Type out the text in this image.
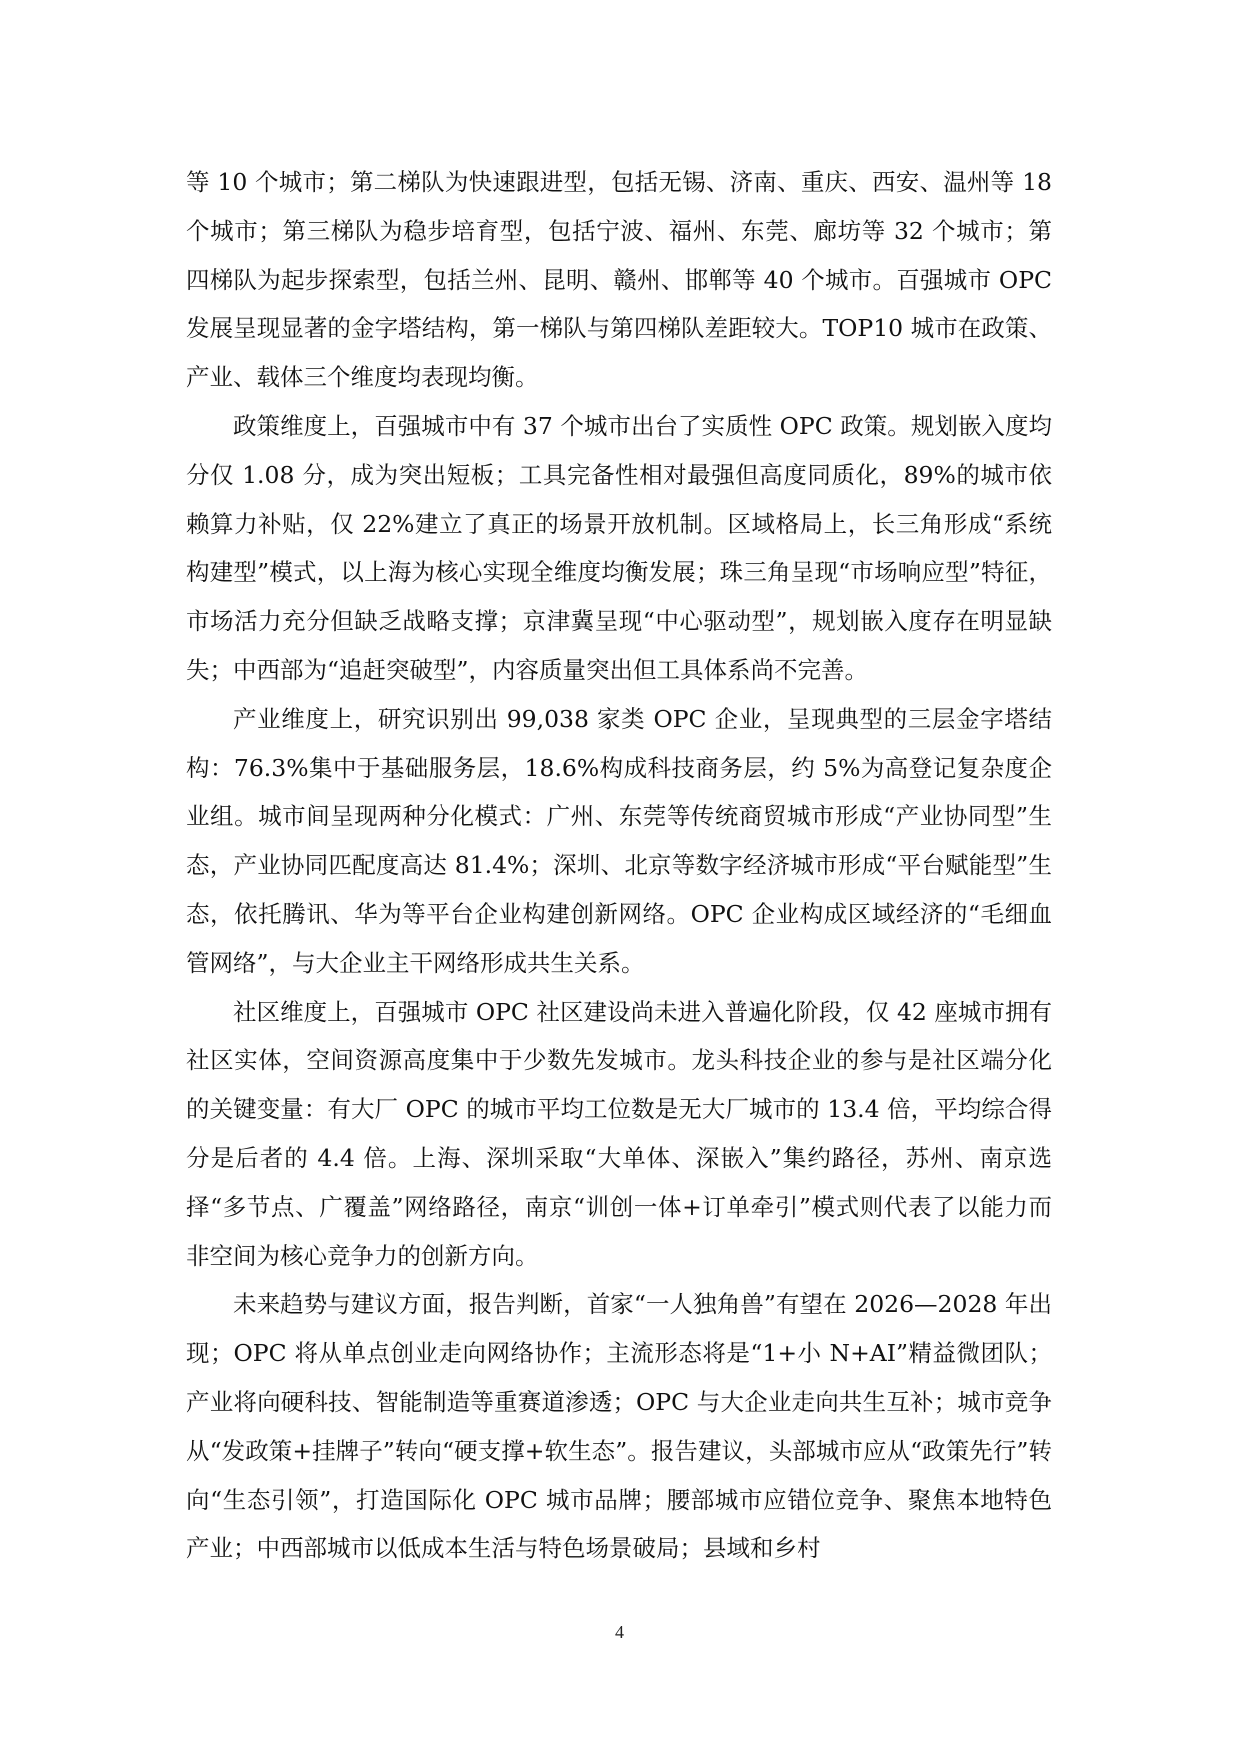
等 10 个城市；第二梯队为快速跟进型，包括无锡、济南、重庆、西安、温州等 18 个城市；第三梯队为稳步培育型，包括宁波、福州、东莞、廊坊等 32 个城市；第四梯队为起步探索型，包括兰州、昆明、赣州、邯郸等 40 个城市。百强城市 OPC 发展呈现显著的金字塔结构，第一梯队与第四梯队差距较大。TOP10 城市在政策、产业、载体三个维度均表现均衡。

政策维度上，百强城市中有 37 个城市出台了实质性 OPC 政策。规划嵌入度均分仅 1.08 分，成为突出短板；工具完备性相对最强但高度同质化，89%的城市依赖算力补贴，仅 22%建立了真正的场景开放机制。区域格局上，长三角形成“系统构建型”模式，以上海为核心实现全维度均衡发展；珠三角呈现“市场响应型”特征，市场活力充分但缺乏战略支撑；京津冀呈现“中心驱动型”，规划嵌入度存在明显缺失；中西部为“追赶突破型”，内容质量突出但工具体系尚不完善。

产业维度上，研究识别出 99,038 家类 OPC 企业，呈现典型的三层金字塔结构：76.3%集中于基础服务层，18.6%构成科技商务层，约 5%为高登记复杂度企业组。城市间呈现两种分化模式：广州、东莞等传统商贸城市形成“产业协同型”生态，产业协同匹配度高达 81.4%；深圳、北京等数字经济城市形成“平台赋能型”生态，依托腾讯、华为等平台企业构建创新网络。OPC 企业构成区域经济的“毛细血管网络”，与大企业主干网络形成共生关系。

社区维度上，百强城市 OPC 社区建设尚未进入普遍化阶段，仅 42 座城市拥有社区实体，空间资源高度集中于少数先发城市。龙头科技企业的参与是社区端分化的关键变量：有大厂 OPC 的城市平均工位数是无大厂城市的 13.4 倍，平均综合得分是后者的 4.4 倍。上海、深圳采取“大单体、深嵌入”集约路径，苏州、南京选择“多节点、广覆盖”网络路径，南京“训创一体+订单牵引”模式则代表了以能力而非空间为核心竞争力的创新方向。

未来趋势与建议方面，报告判断，首家“一人独角兽”有望在 2026—2028 年出现；OPC 将从单点创业走向网络协作；主流形态将是“1+小 N+AI”精益微团队；产业将向硬科技、智能制造等重赛道渗透；OPC 与大企业走向共生互补；城市竞争从“发政策+挂牌子”转向“硬支撑+软生态”。报告建议，头部城市应从“政策先行”转向“生态引领”，打造国际化 OPC 城市品牌；腰部城市应错位竞争、聚焦本地特色产业；中西部城市以低成本生活与特色场景破局；县域和乡村

4
